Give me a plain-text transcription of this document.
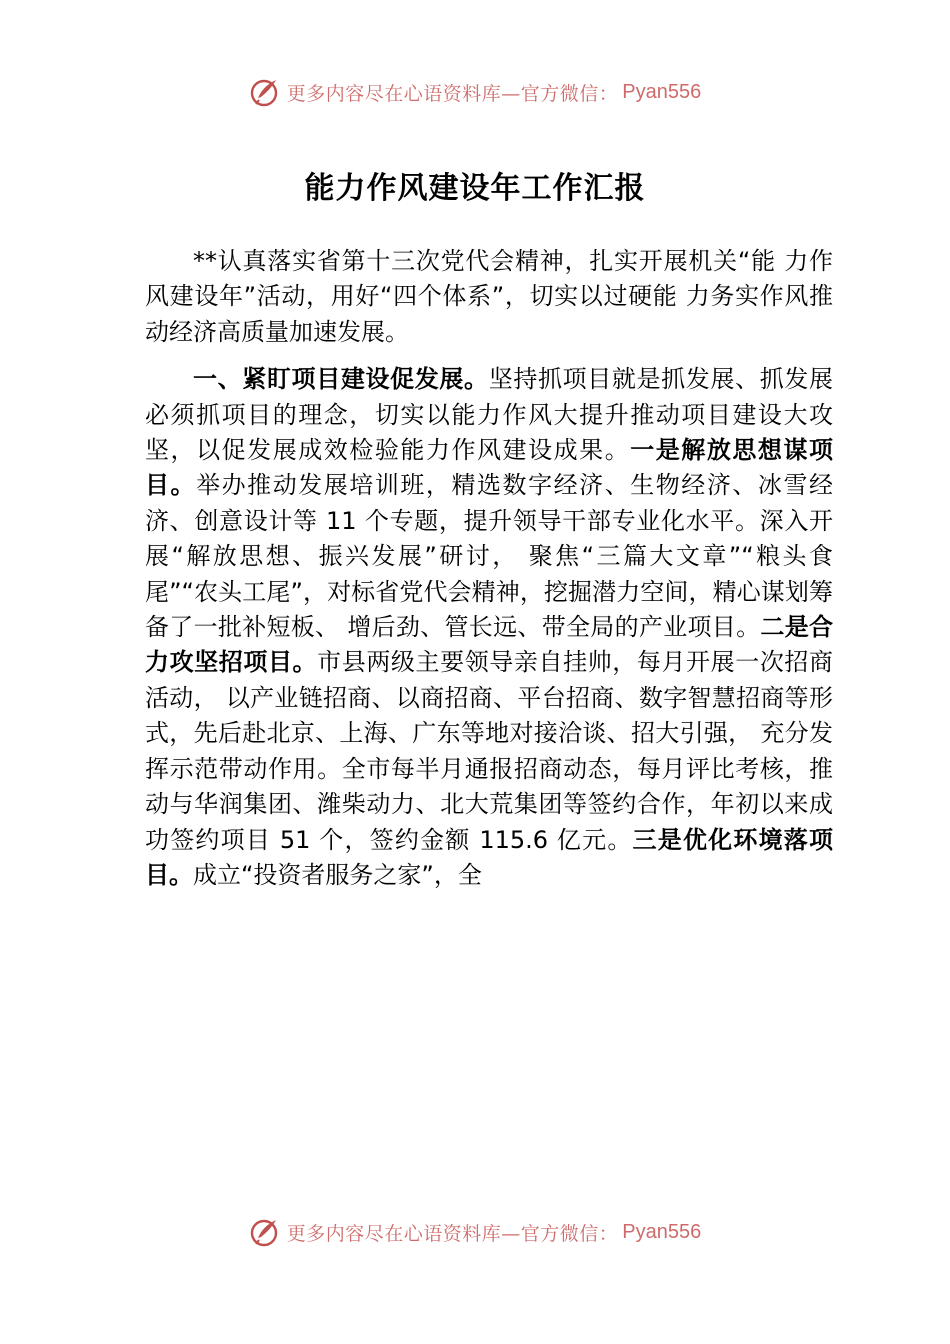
更多内容尽在心语资料库—官方微信： Pyan556
能力作风建设年工作汇报

**认真落实省第十三次党代会精神，扎实开展机关“能 力作风建设年”活动，用好“四个体系”，切实以过硬能 力务实作风推动经济高质量加速发展。

一、紧盯项目建设促发展。坚持抓项目就是抓发展、抓发展必须抓项目的理念，切实以能力作风大提升推动项目建设大攻坚，以促发展成效检验能力作风建设成果。一是解放思想谋项目。举办推动发展培训班，精选数字经济、生物经济、冰雪经济、创意设计等 11 个专题，提升领导干部专业化水平。深入开展“解放思想、振兴发展”研讨， 聚焦“三篇大文章”“粮头食尾”“农头工尾”，对标省党代会精神，挖掘潜力空间，精心谋划筹备了一批补短板、 增后劲、管长远、带全局的产业项目。二是合力攻坚招项目。市县两级主要领导亲自挂帅，每月开展一次招商活动， 以产业链招商、以商招商、平台招商、数字智慧招商等形式，先后赴北京、上海、广东等地对接洽谈、招大引强， 充分发挥示范带动作用。全市每半月通报招商动态，每月评比考核，推动与华润集团、潍柴动力、北大荒集团等签约合作，年初以来成功签约项目 51 个，签约金额 115.6 亿元。三是优化环境落项目。成立“投资者服务之家”，全

更多内容尽在心语资料库—官方微信： Pyan556
